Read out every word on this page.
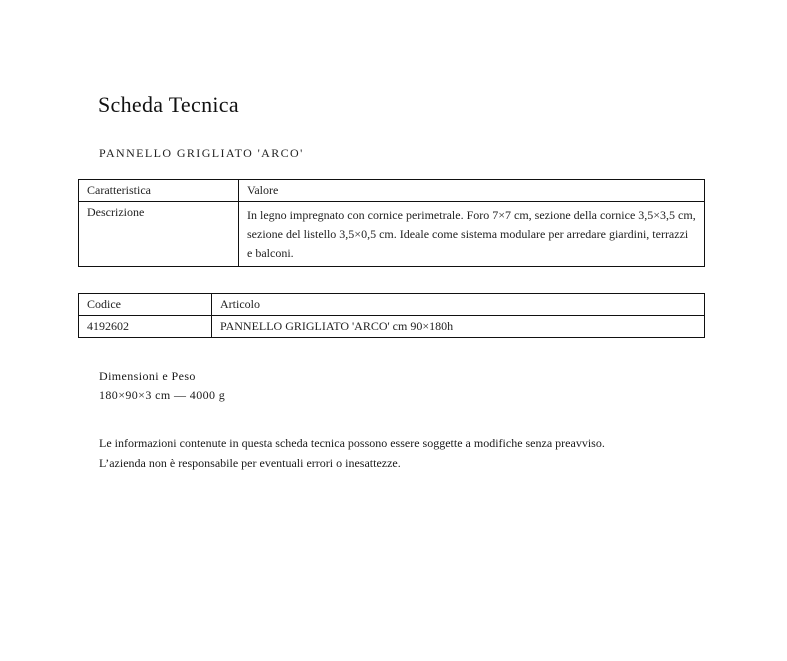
Scheda Tecnica
PANNELLO GRIGLIATO 'ARCO'
Caratteristica	Valore
Descrizione	In legno impregnato con cornice perimetrale. Foro 7×7 cm, sezione della cornice 3,5×3,5 cm, sezione del listello 3,5×0,5 cm. Ideale come sistema modulare per arredare giardini, terrazzi e balconi.
Codice	Articolo
4192602	PANNELLO GRIGLIATO 'ARCO' cm 90×180h
Dimensioni e Peso
180×90×3 cm — 4000 g
Le informazioni contenute in questa scheda tecnica possono essere soggette a modifiche senza preavviso.
L’azienda non è responsabile per eventuali errori o inesattezze.
